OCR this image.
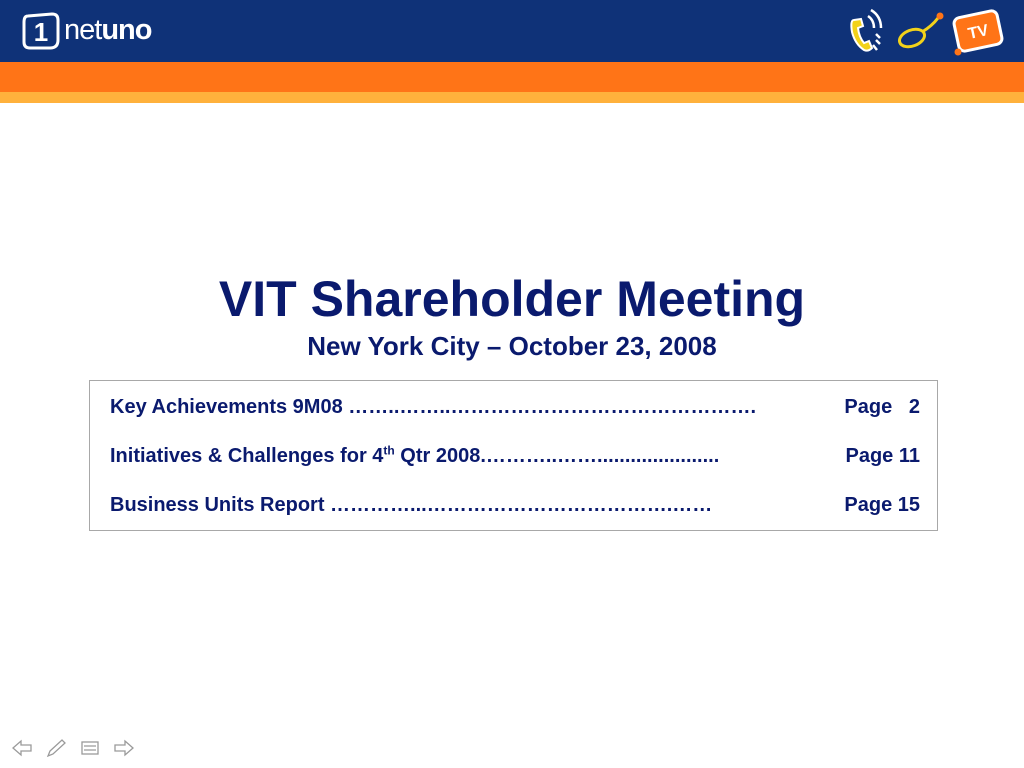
1 netuno	TV
VIT Shareholder Meeting
New York City – October 23, 2008
Key Achievements 9M08 ……..……..……………………………………….	Page   2
Initiatives & Challenges for 4th Qtr 2008.………..……......................	Page 11
Business Units Report …………...……………………………….……	Page 15
